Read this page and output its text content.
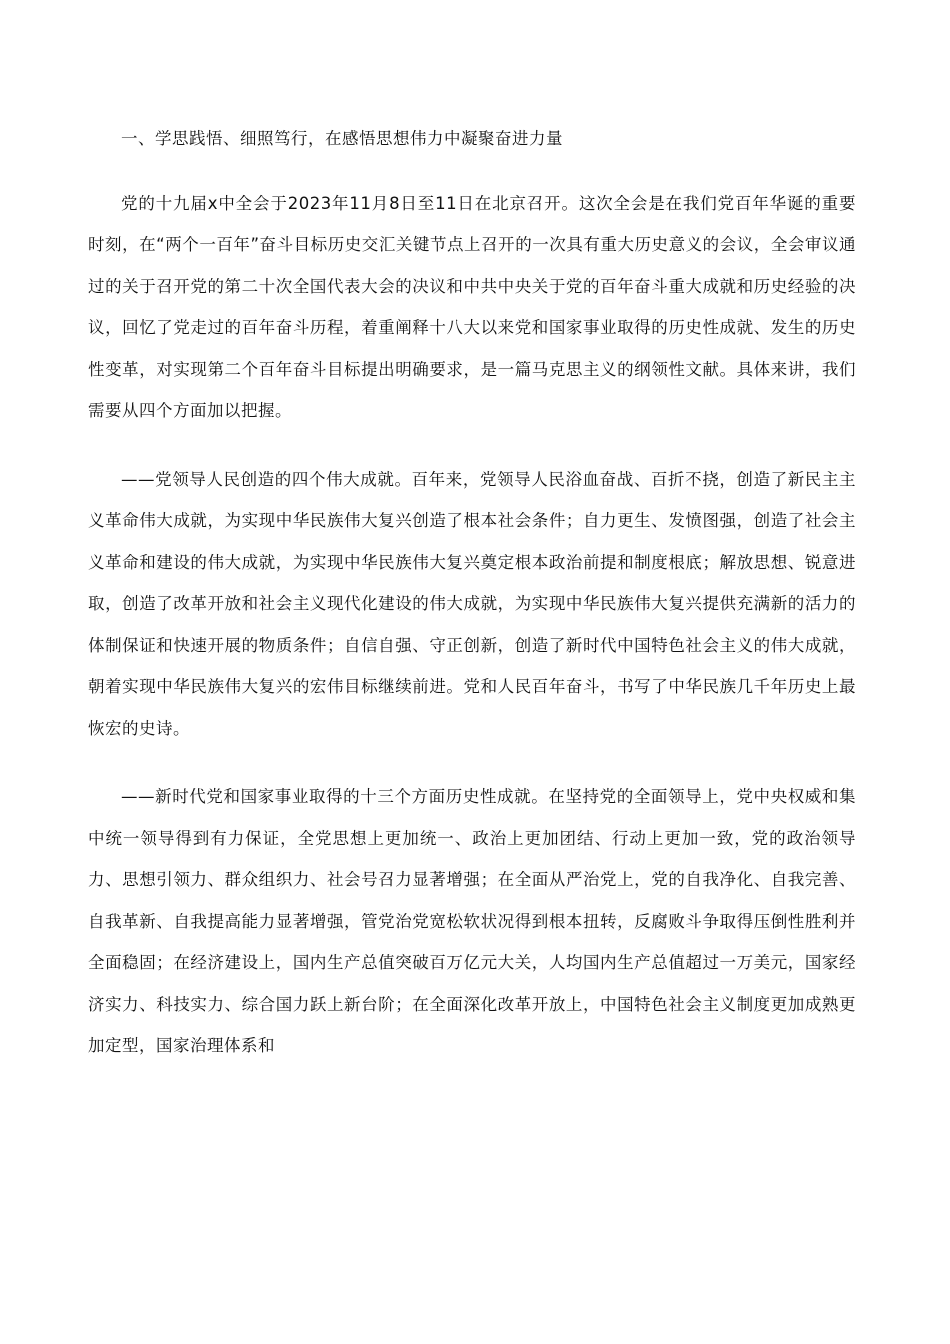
一、学思践悟、细照笃行，在感悟思想伟力中凝聚奋进力量

党的十九届x中全会于2023年11月8日至11日在北京召开。这次全会是在我们党百年华诞的重要时刻，在“两个一百年”奋斗目标历史交汇关键节点上召开的一次具有重大历史意义的会议，全会审议通过的关于召开党的第二十次全国代表大会的决议和中共中央关于党的百年奋斗重大成就和历史经验的决议，回忆了党走过的百年奋斗历程，着重阐释十八大以来党和国家事业取得的历史性成就、发生的历史性变革，对实现第二个百年奋斗目标提出明确要求，是一篇马克思主义的纲领性文献。具体来讲，我们需要从四个方面加以把握。

——党领导人民创造的四个伟大成就。百年来，党领导人民浴血奋战、百折不挠，创造了新民主主义革命伟大成就，为实现中华民族伟大复兴创造了根本社会条件；自力更生、发愤图强，创造了社会主义革命和建设的伟大成就，为实现中华民族伟大复兴奠定根本政治前提和制度根底；解放思想、锐意进取，创造了改革开放和社会主义现代化建设的伟大成就，为实现中华民族伟大复兴提供充满新的活力的体制保证和快速开展的物质条件；自信自强、守正创新，创造了新时代中国特色社会主义的伟大成就，朝着实现中华民族伟大复兴的宏伟目标继续前进。党和人民百年奋斗，书写了中华民族几千年历史上最恢宏的史诗。

——新时代党和国家事业取得的十三个方面历史性成就。在坚持党的全面领导上，党中央权威和集中统一领导得到有力保证，全党思想上更加统一、政治上更加团结、行动上更加一致，党的政治领导力、思想引领力、群众组织力、社会号召力显著增强；在全面从严治党上，党的自我净化、自我完善、自我革新、自我提高能力显著增强，管党治党宽松软状况得到根本扭转，反腐败斗争取得压倒性胜利并全面稳固；在经济建设上，国内生产总值突破百万亿元大关，人均国内生产总值超过一万美元，国家经济实力、科技实力、综合国力跃上新台阶；在全面深化改革开放上，中国特色社会主义制度更加成熟更加定型，国家治理体系和
